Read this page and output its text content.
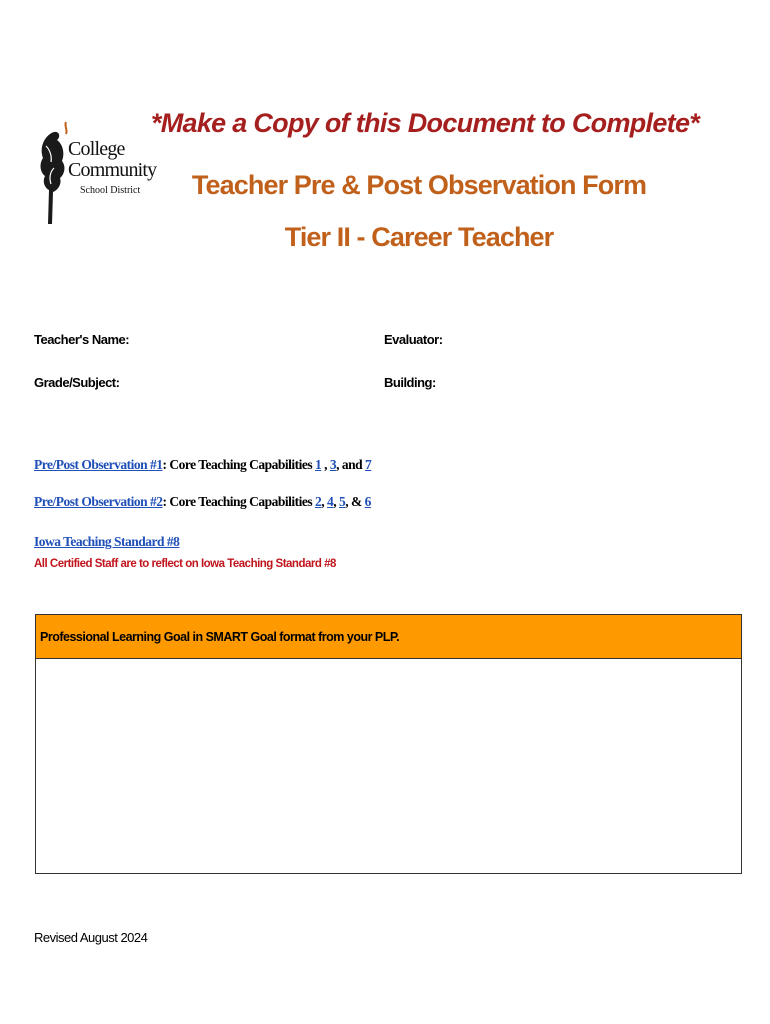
College
Community
School District
*Make a Copy of this Document to Complete*
Teacher Pre & Post Observation Form
Tier II - Career Teacher
Teacher's Name:	Evaluator:
Grade/Subject:	Building:
Pre/Post Observation #1: Core Teaching Capabilities 1 , 3, and 7
Pre/Post Observation #2: Core Teaching Capabilities 2, 4, 5, & 6
Iowa Teaching Standard #8
All Certified Staff are to reflect on Iowa Teaching Standard #8
Professional Learning Goal in SMART Goal format from your PLP.
Revised August 2024
